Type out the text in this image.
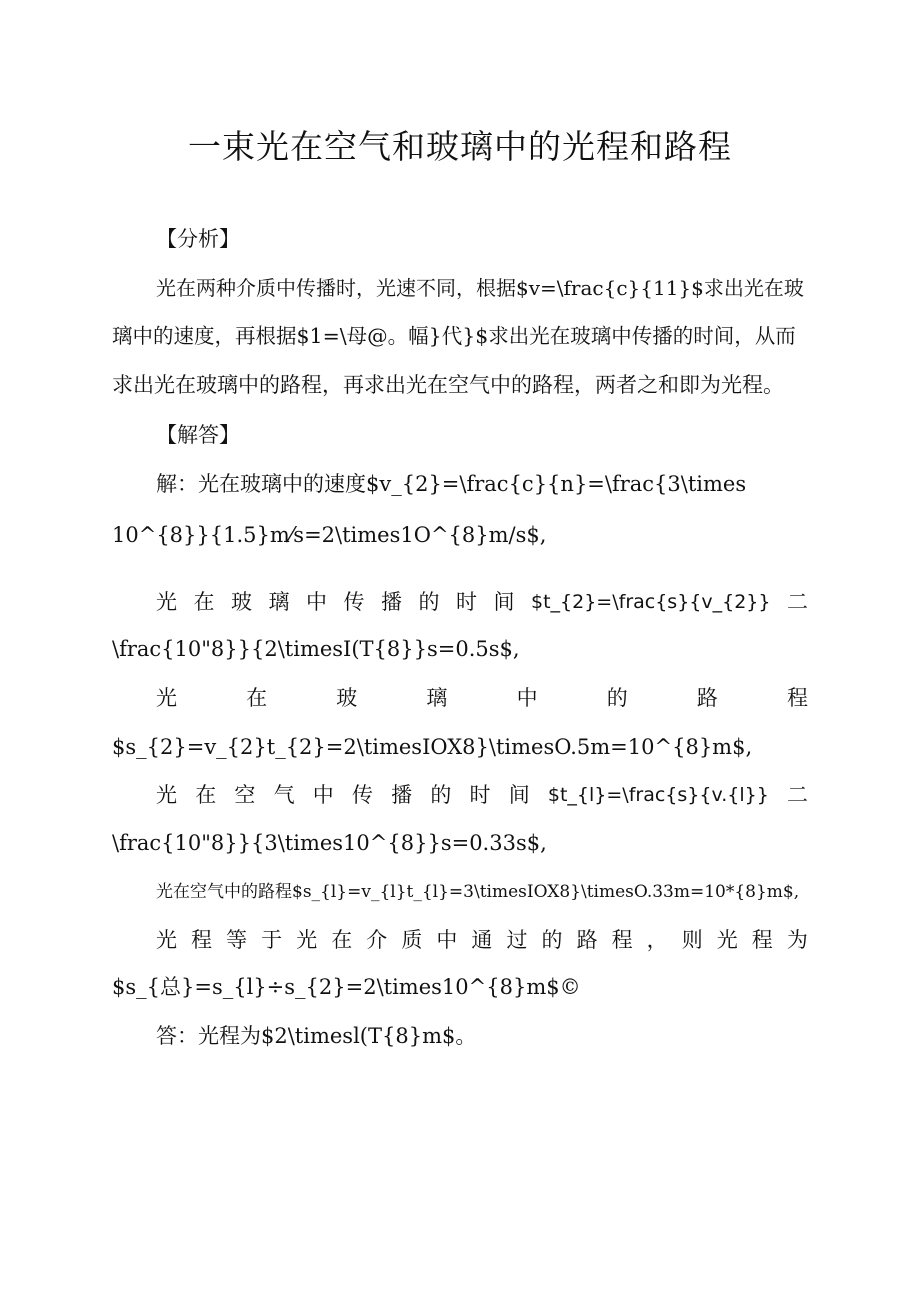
一束光在空气和玻璃中的光程和路程

【分析】

光在两种介质中传播时，光速不同，根据$v=\frac{c}{11}$求出光在玻

璃中的速度，再根据$1=\母@。幅}代}$求出光在玻璃中传播的时间，从而

求出光在玻璃中的路程，再求出光在空气中的路程，两者之和即为光程。

【解答】

解：光在玻璃中的速度$v_{2}=\frac{c}{n}=\frac{3\times

10^{8}}{1.5}m⁄s=2\times1O^{8}m/s$,

光 在 玻 璃 中 传 播 的 时 间 $t_{2}=\frac{s}{v_{2}} 二

\frac{10"8}}{2\timesI(T{8}}s=0.5s$,

光	在	玻	璃	中	的	路	程

$s_{2}=v_{2}t_{2}=2\timesIOX8}\timesO.5m=10^{8}m$,

光 在 空 气 中 传 播 的 时 间 $t_{l}=\frac{s}{v.{l}} 二

\frac{10"8}}{3\times10^{8}}s=0.33s$,

光在空气中的路程$s_{l}=v_{l}t_{l}=3\timesIOX8}\timesO.33m=10*{8}m$,

光 程 等 于 光 在 介 质 中 通 过 的 路 程 ， 则 光 程 为

$s_{总}=s_{l}÷s_{2}=2\times10^{8}m$©

答：光程为$2\timesl(T{8}m$。
